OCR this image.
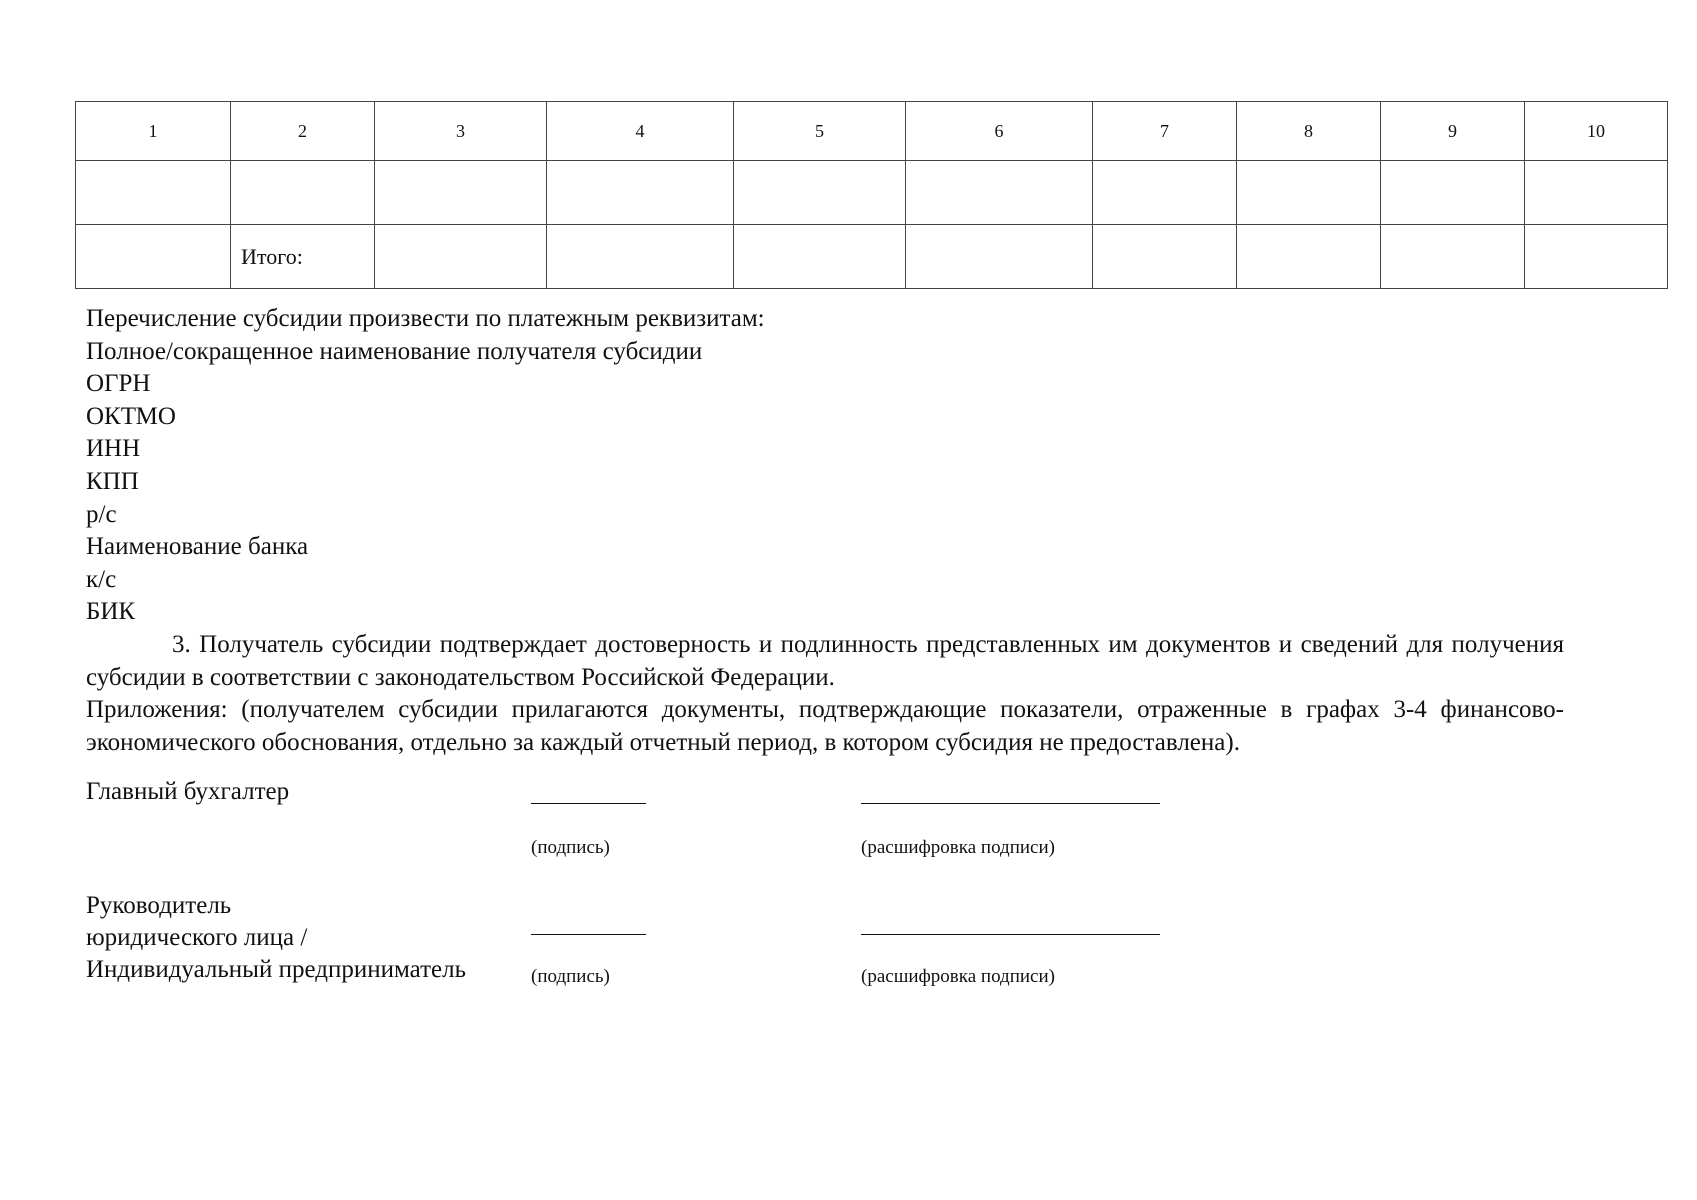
1	2	3	4	5	6	7	8	9	10

	Итого:								
Перечисление субсидии произвести по платежным реквизитам:
Полное/сокращенное наименование получателя субсидии
ОГРН
ОКТМО
ИНН
КПП
р/с
Наименование банка
к/с
БИК
3. Получатель субсидии подтверждает достоверность и подлинность представленных им документов и сведений для получения субсидии в соответствии с законодательством Российской Федерации.
Приложения: (получателем субсидии прилагаются документы, подтверждающие показатели, отраженные в графах 3-4 финансово-экономического обоснования, отдельно за каждый отчетный период, в котором субсидия не предоставлена).
Главный бухгалтер
(подпись)	(расшифровка подписи)
Руководитель
юридического лица /
Индивидуальный предприниматель	(подпись)	(расшифровка подписи)
